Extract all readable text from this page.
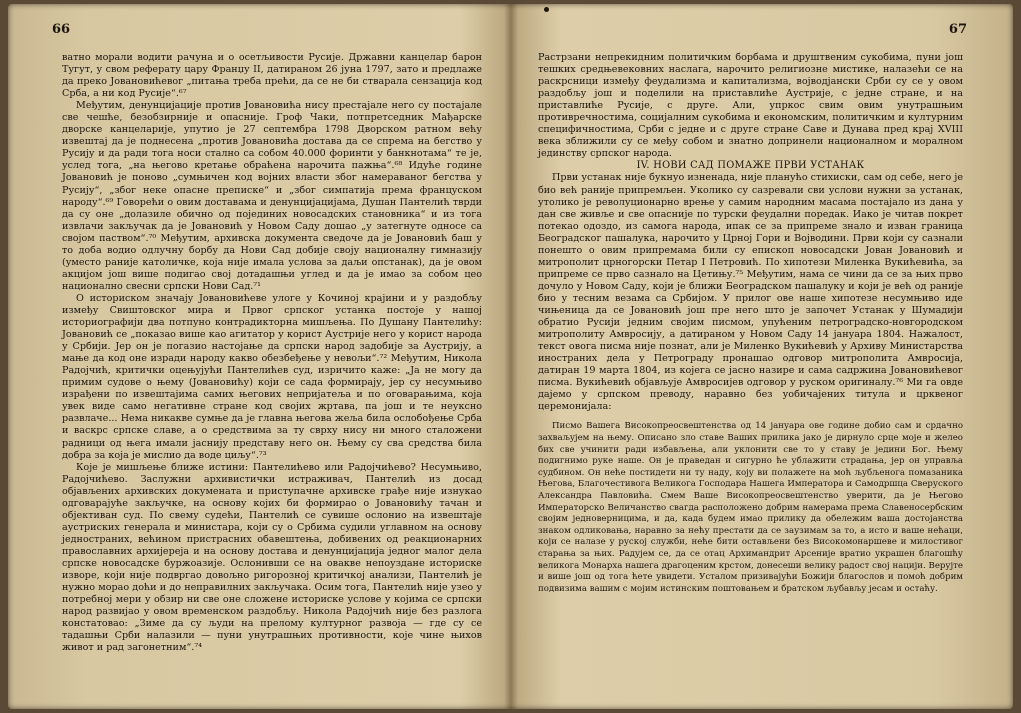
66

ватно морали водити рачуна и о осетљивости Русије. Државни канцелар барон Тугут, у свом реферату цару Франџу II, датираном 26 јуна 1797, зато и предлаже да преко Јовановићевог „питања треба прећи, да се не би стварала сензација код Срба, а ни код Русије“.⁶⁷

Међутим, денунцијације против Јовановића нису престајале него су постајале све чешће, безобзирније и опасније. Гроф Чаки, потпретседник Мађарске дворске канцеларије, упутио је 27 септембра 1798 Дворском ратном већу извештај да је поднесена „против Јовановића доставa да се спрема на бегство у Русију и да ради тога носи стално са собом 40.000 форинти у банкнотама“ те је, услед тога, „на његово кретање обраћена нарочита пажња“.⁶⁸ Идуће године Јовановић је поново „сумњичен код војних власти због намераваног бегства у Русију“, „због неке опасне преписке“ и „због симпатија према француском народу“.⁶⁹ Говорећи о овим доставама и денунцијацијама, Душан Пантелић тврди да су оне „долазиле обично од појединих новосадских становника“ и из тога извлачи закључак да је Јовановић у Новом Саду дошао „у затегнуте односе са својом паством“.⁷⁰ Међутим, архивска документа сведоче да је Јовановић баш у то доба водио одлучну борбу да Нови Сад добије своју национaлну гимназију (уместо раније католичке, која није имала услова за даљи опстанак), да је овом акцијом још више подигао свој дотадашњи углед и да је имао за собом цео национално свесни српски Нови Сад.⁷¹

О историском значају Јовановићеве улоге у Кочиној крајини и у раздобљу између Свиштовског мира и Првог српског устанка постоје у нашој историографији два потпуно контрадикторна мишљења. По Душану Пантелићу: Јовановић се „показао више као агитатор у корист Аустрије него у корист народа у Србији. Јер он је погазио настојање да српски народ задобије за Аустрију, а мање да код оне изради народу какво обезбеђење у невољи“.⁷² Међутим, Никола Радојчић, критички оцењујући Пантелићев суд, изричито каже: „Ја не могу да примим судове о њему (Јовановићу) који се сада формирају, јер су несумњиво израђени по извештајима самих његових непријатеља и по оговарањима, која увек виде само негативне стране код својих жртава, па још и те неуксно развлаче... Нема никакве сумње да је главна његова жеља била ослобођење Срба и васкрс српске славе, а о средствима за ту сврху нису ни много сталожени радници од њега имали јаснију представу него он. Њему су сва средства била добра за која је мислио да воде циљу“.⁷³

Које је мишљење ближе истини: Пантелићево или Радојчићево? Несумњиво, Радојчићево. Заслужни архивистички истраживач, Пантелић из досад објављених архивских докумената и приступачне архивске грађе није изнукао одговарајуће закључке, на основу којих би формирао о Јовановићу тачан и објективан суд. По свему судећи, Пантелић се сувише ослонио на извештаје аустриских генерала и министара, који су о Србима судили углавном на основу једностраних, већином пристрасних обавештења, добивених од реакционарних православних архијереја и на основу достава и денунцијација једног малог дела српске новосадске буржоазије. Ослонивши се на овакве непоуздане историске изворе, који није подвргао довољно ригорозној критичкој анализи, Пантелић је нужно морао доћи и до неправилних закључака. Осим тога, Пантелић није узео у потребној мери у обзир ни све оне сложене историске услове у којима се српски народ развијао у овом временском раздобљу. Никола Радојчић није без разлога констатовао: „Зиме да су људи на прелому културног развоја — где су се тадашњи Срби налазили — пуни унутрашњих противности, које чине њихов живот и рад загонетним“.⁷⁴

67

Растрзани непрекидним политичким борбама и друштвеним сукобима, пуни још тешких средњевековних наслага, нарочито религиозне мистике, налазећи се на раскрсници између феудализма и капитализма, војводјански Срби су се у овом раздобљу још и поделили на приставлиће Аустрије, с једне стране, и на приставлиће Русије, с друге. Али, упркос свим овим унутрашњим противречностима, социјалним сукобима и економским, политичким и културним специфичностима, Срби с једне и с друге стране Саве и Дунава пред крај XVIII века зближили су се међу собом и знатно допринели националном и моралном јединству српског народа.

IV. НОВИ САД ПОМАЖЕ ПРВИ УСТАНАК

Први устанак није букнуо изненада, није планућо стихиски, сам од себе, него је био већ раније припремљен. Уколико су сазревали сви услови нужни за устанак, утолико је револуционарно врење у самим народним масама постајало из дана у дан све живље и све опасније по турски феудални поредак. Иако је читав покрет потекао одоздо, из самога народа, ипак се за припреме знало и изван граница Београдског пашалука, нарочито у Црној Гори и Војводини. Први који су сазнали понешто о овим припремама били су епископ новосадски Јован Јовановић и митрополит црногорски Петар I Петровић. По хипотези Миленка Вукићевића, за припреме се прво сазнало на Цетињу.⁷⁵ Међутим, нама се чини да се за њих прво дочуло у Новом Саду, који је ближи Београдском пашалуку и који је већ од раније био у тесним везама са Србијом. У прилог ове наше хипотезе несумњиво иде чињеница да се Јовановић још пре него што је започет Устанак у Шумадији обратио Русији једним својим писмом, упућеним петроградско-новгородском митрополиту Амвросију, а датираном у Новом Саду 14 јануара 1804. Нажалост, текст овога писма није познат, али је Миленко Вукићевић у Архиву Министарства иностраних дела у Петрограду пронашао одговор митрополита Амвросија, датиран 19 марта 1804, из којега се јасно назире и сама садржина Јовановићевог писма. Вукићевић објављује Амвросијев одговор у руском оригиналу.⁷⁶ Ми га овде дајемо у српском преводу, наравно без уобичајених титула и црквеног церемонијала:

Писмо Вашега Високопреосвештенства од 14 јануара ове године добио сам и срдачно захваљујем на њему. Описано зло ставе Ваших прилика јако је дирнуло срце моје и желео бих све учинити ради избављења, али уклонити све то у ставу је једини Бог. Њему подигнимо руке наше. Он је праведан и сигурно ће ублажити страдања, јер он управља судбином. Он неће постидети ни ту наду, коју ви полажете на моћ љубљенога помазаника Његова, Благочестивога Великога Господара Нашега Императора и Самодршца Сверуского Александра Павловића. Смем Ваше Високопреосвештенство уверити, да је Његово Императорско Величанство свагда расположено добрим намерама према Славеносербским својим једноверницима, и да, када будем имао прилику да обележим ваша достојанства знаком одликовања, нарaвно за нећу престати да се заузимам за то, а исто и ваше нећаци, који се налазе у рускoj служби, неће бити остављени без Високомонаршеве и милостивог старања за њих. Радујем се, да се отац Архимандрит Арсеније вратио украшен благошћу великога Монарха нашега драгоценим крстом, донесеши велику радост свој нацији. Верујте и више још од тога ћете увидети. Усталом призивајући Божији благослов и помоћ добрим подвизима вашим с мојим истинским поштовањем и братском љубављу јесам и остаћу.
